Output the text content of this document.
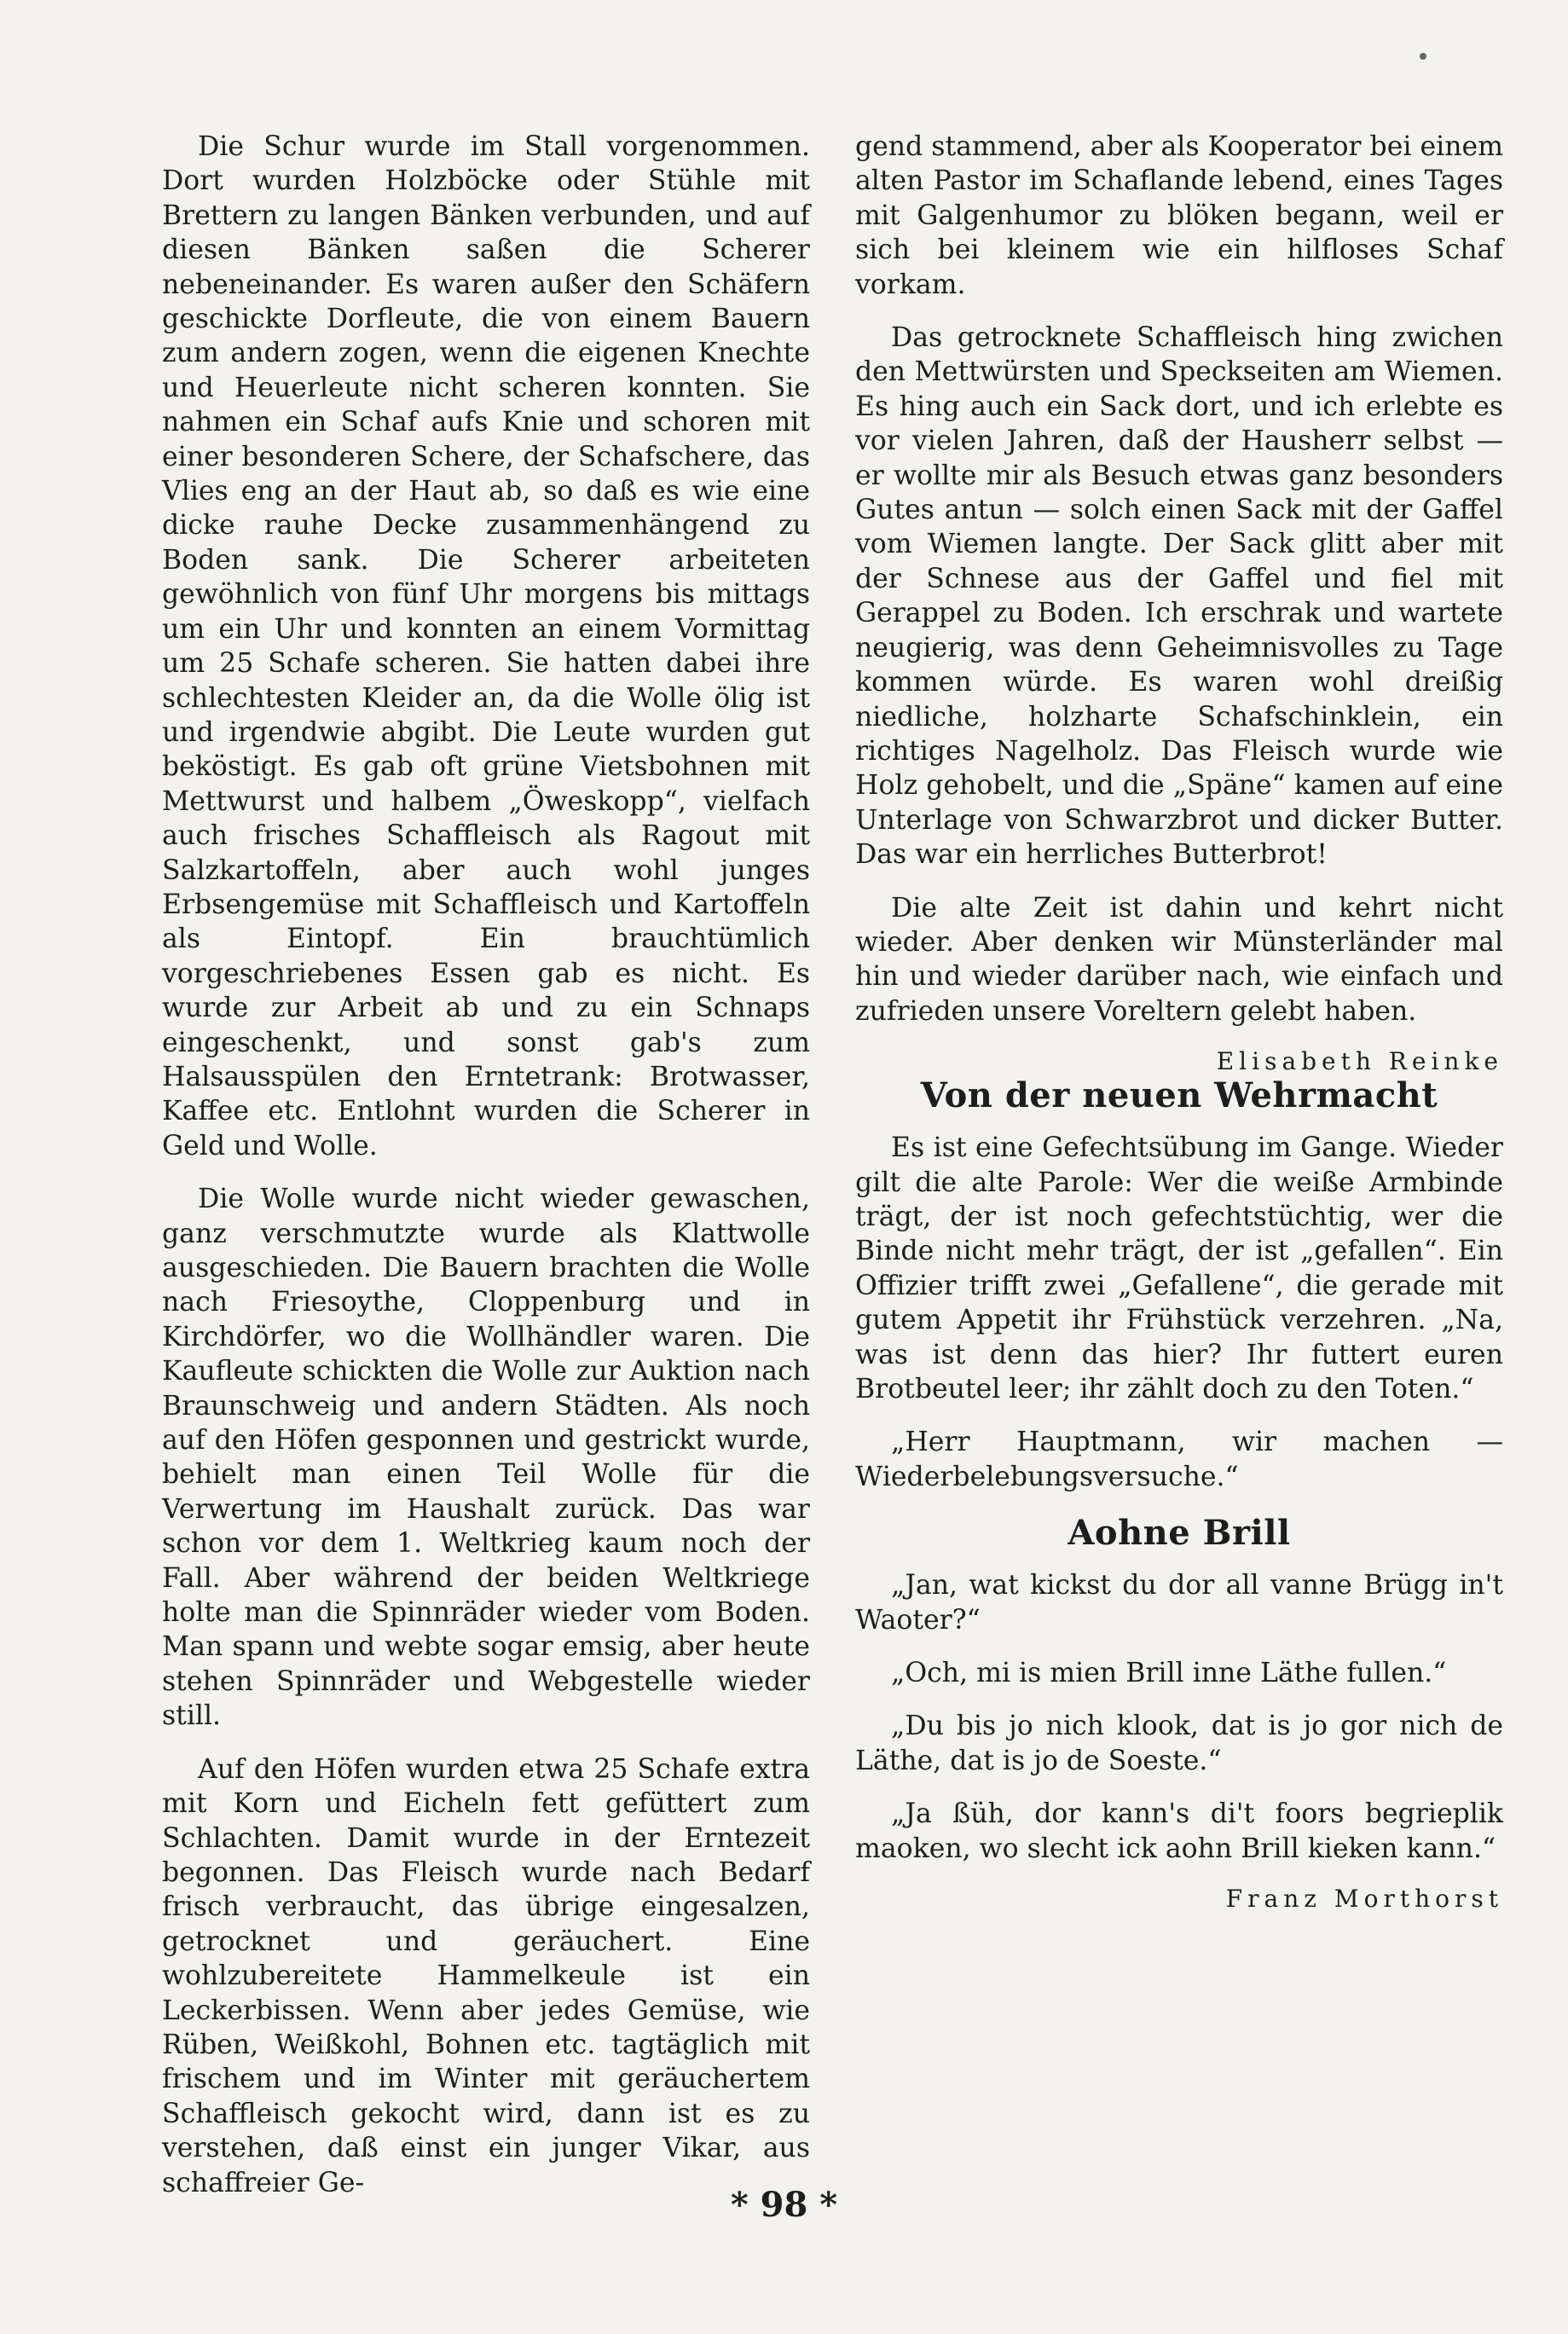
Die Schur wurde im Stall vorgenommen. Dort wurden Holzböcke oder Stühle mit Brettern zu langen Bänken verbunden, und auf diesen Bänken saßen die Scherer nebeneinander. Es waren außer den Schäfern geschickte Dorfleute, die von einem Bauern zum andern zogen, wenn die eigenen Knechte und Heuerleute nicht scheren konnten. Sie nahmen ein Schaf aufs Knie und schoren mit einer besonderen Schere, der Schafschere, das Vlies eng an der Haut ab, so daß es wie eine dicke rauhe Decke zusammenhängend zu Boden sank. Die Scherer arbeiteten gewöhnlich von fünf Uhr morgens bis mittags um ein Uhr und konnten an einem Vormittag um 25 Schafe scheren. Sie hatten dabei ihre schlechtesten Kleider an, da die Wolle ölig ist und irgendwie abgibt. Die Leute wurden gut beköstigt. Es gab oft grüne Vietsbohnen mit Mettwurst und halbem „Öweskopp“, vielfach auch frisches Schaffleisch als Ragout mit Salzkartoffeln, aber auch wohl junges Erbsengemüse mit Schaffleisch und Kartoffeln als Eintopf. Ein brauchtümlich vorgeschriebenes Essen gab es nicht. Es wurde zur Arbeit ab und zu ein Schnaps eingeschenkt, und sonst gab's zum Halsausspülen den Erntetrank: Brotwasser, Kaffee etc. Entlohnt wurden die Scherer in Geld und Wolle.

Die Wolle wurde nicht wieder gewaschen, ganz verschmutzte wurde als Klattwolle ausgeschieden. Die Bauern brachten die Wolle nach Friesoythe, Cloppenburg und in Kirchdörfer, wo die Wollhändler waren. Die Kaufleute schickten die Wolle zur Auktion nach Braunschweig und andern Städten. Als noch auf den Höfen gesponnen und gestrickt wurde, behielt man einen Teil Wolle für die Verwertung im Haushalt zurück. Das war schon vor dem 1. Weltkrieg kaum noch der Fall. Aber während der beiden Weltkriege holte man die Spinnräder wieder vom Boden. Man spann und webte sogar emsig, aber heute stehen Spinnräder und Webgestelle wieder still.

Auf den Höfen wurden etwa 25 Schafe extra mit Korn und Eicheln fett gefüttert zum Schlachten. Damit wurde in der Erntezeit begonnen. Das Fleisch wurde nach Bedarf frisch verbraucht, das übrige eingesalzen, getrocknet und geräuchert. Eine wohlzubereitete Hammelkeule ist ein Leckerbissen. Wenn aber jedes Gemüse, wie Rüben, Weißkohl, Bohnen etc. tagtäglich mit frischem und im Winter mit geräuchertem Schaffleisch gekocht wird, dann ist es zu verstehen, daß einst ein junger Vikar, aus schaffreier Ge-

gend stammend, aber als Kooperator bei einem alten Pastor im Schaflande lebend, eines Tages mit Galgenhumor zu blöken begann, weil er sich bei kleinem wie ein hilfloses Schaf vorkam.

Das getrocknete Schaffleisch hing zwichen den Mettwürsten und Speckseiten am Wiemen. Es hing auch ein Sack dort, und ich erlebte es vor vielen Jahren, daß der Hausherr selbst — er wollte mir als Besuch etwas ganz besonders Gutes antun — solch einen Sack mit der Gaffel vom Wiemen langte. Der Sack glitt aber mit der Schnese aus der Gaffel und fiel mit Gerappel zu Boden. Ich erschrak und wartete neugierig, was denn Geheimnisvolles zu Tage kommen würde. Es waren wohl dreißig niedliche, holzharte Schafschinklein, ein richtiges Nagelholz. Das Fleisch wurde wie Holz gehobelt, und die „Späne“ kamen auf eine Unterlage von Schwarzbrot und dicker Butter. Das war ein herrliches Butterbrot!

Die alte Zeit ist dahin und kehrt nicht wieder. Aber denken wir Münsterländer mal hin und wieder darüber nach, wie einfach und zufrieden unsere Voreltern gelebt haben.

Elisabeth Reinke
Von der neuen Wehrmacht

Es ist eine Gefechtsübung im Gange. Wieder gilt die alte Parole: Wer die weiße Armbinde trägt, der ist noch gefechtstüchtig, wer die Binde nicht mehr trägt, der ist „gefallen“. Ein Offizier trifft zwei „Gefallene“, die gerade mit gutem Appetit ihr Frühstück verzehren. „Na, was ist denn das hier? Ihr futtert euren Brotbeutel leer; ihr zählt doch zu den Toten.“

„Herr Hauptmann, wir machen — Wiederbelebungsversuche.“

Aohne Brill

„Jan, wat kickst du dor all vanne Brügg in't Waoter?“

„Och, mi is mien Brill inne Läthe fullen.“

„Du bis jo nich klook, dat is jo gor nich de Läthe, dat is jo de Soeste.“

„Ja ßüh, dor kann's di't foors begrieplik maoken, wo slecht ick aohn Brill kieken kann.“

Franz Morthorst
* 98 *
